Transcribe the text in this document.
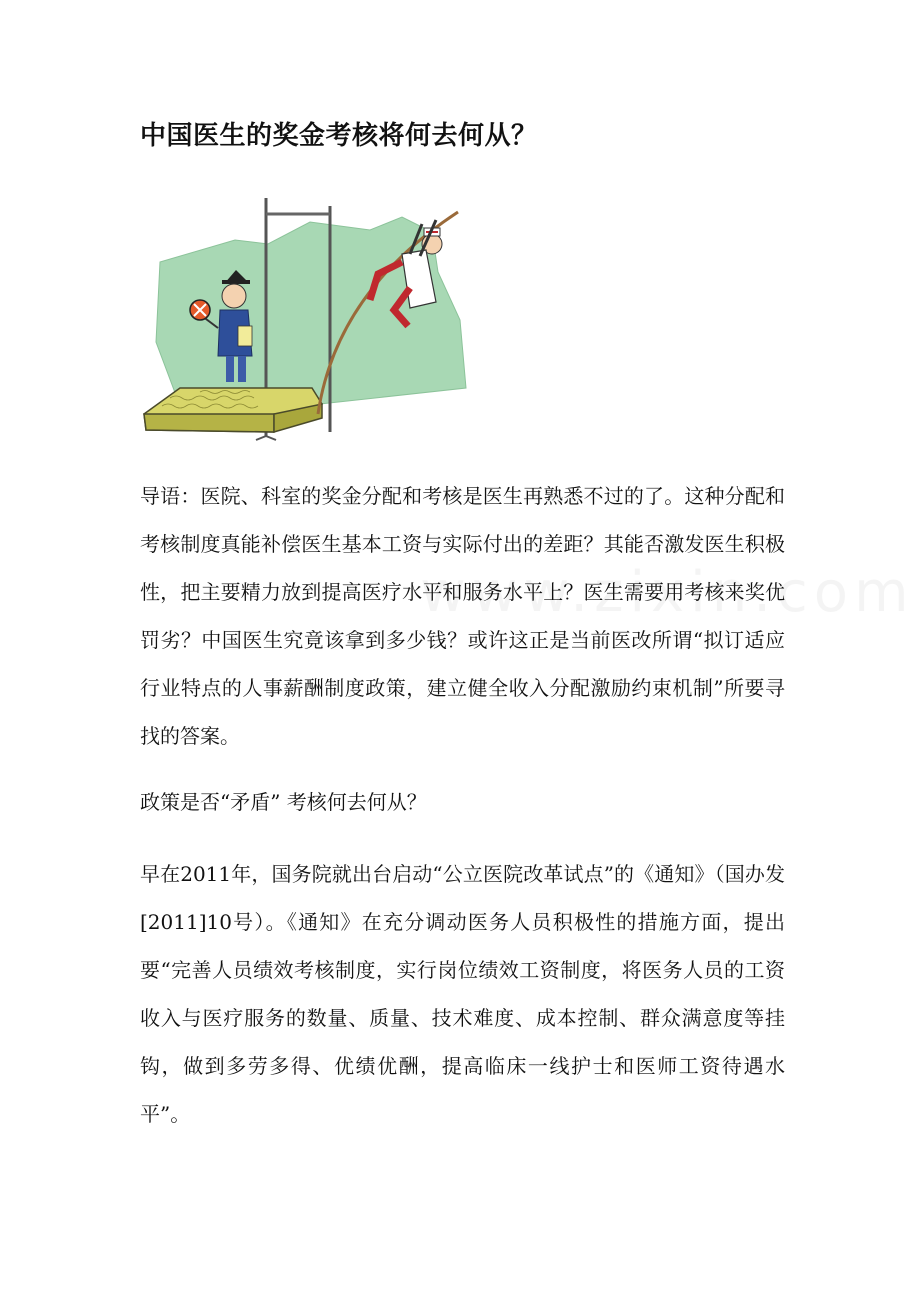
中国医生的奖金考核将何去何从？

导语：医院、科室的奖金分配和考核是医生再熟悉不过的了。这种分配和考核制度真能补偿医生基本工资与实际付出的差距？其能否激发医生积极性，把主要精力放到提高医疗水平和服务水平上？医生需要用考核来奖优罚劣？中国医生究竟该拿到多少钱？或许这正是当前医改所谓“拟订适应行业特点的人事薪酬制度政策，建立健全收入分配激励约束机制”所要寻找的答案。

政策是否“矛盾” 考核何去何从？

早在2011年，国务院就出台启动“公立医院改革试点”的《通知》（国办发[2011]10号）。《通知》在充分调动医务人员积极性的措施方面，提出要“完善人员绩效考核制度，实行岗位绩效工资制度，将医务人员的工资收入与医疗服务的数量、质量、技术难度、成本控制、群众满意度等挂钩，做到多劳多得、优绩优酬，提高临床一线护士和医师工资待遇水平”。
